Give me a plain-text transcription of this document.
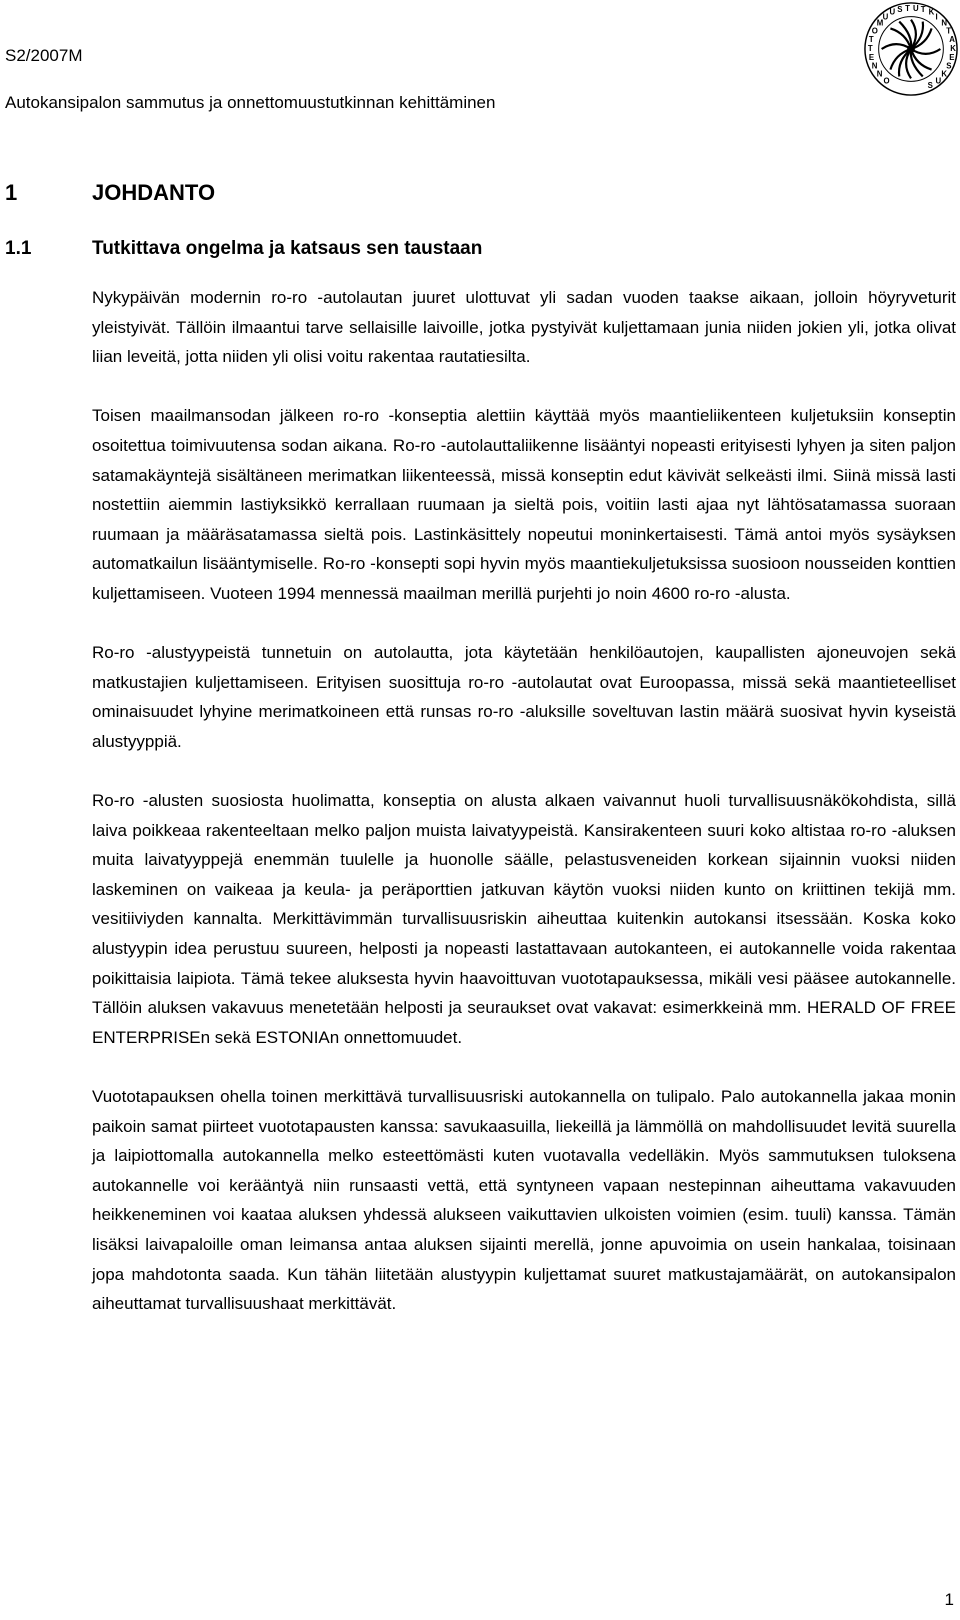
S2/2007M
Autokansipalon sammutus ja onnettomuustutkinnan kehittäminen
T U T K
I
N
T
A
K
E
S
K
U
S
S
U
U
M
O
T
T
E
N
N
O
1	JOHDANTO
1.1	Tutkittava ongelma ja katsaus sen taustaan

Nykypäivän modernin ro-ro -autolautan juuret ulottuvat yli sadan vuoden taakse aikaan, jolloin höyryveturit yleistyivät. Tällöin ilmaantui tarve sellaisille laivoille, jotka pystyivät kuljettamaan junia niiden jokien yli, jotka olivat liian leveitä, jotta niiden yli olisi voitu rakentaa rautatiesilta.

Toisen maailmansodan jälkeen ro-ro -konseptia alettiin käyttää myös maantieliikenteen kuljetuksiin konseptin osoitettua toimivuutensa sodan aikana. Ro-ro -autolauttaliikenne lisääntyi nopeasti erityisesti lyhyen ja siten paljon satamakäyntejä sisältäneen merimatkan liikenteessä, missä konseptin edut kävivät selkeästi ilmi. Siinä missä lasti nostettiin aiemmin lastiyksikkö kerrallaan ruumaan ja sieltä pois, voitiin lasti ajaa nyt lähtösatamassa suoraan ruumaan ja määräsatamassa sieltä pois. Lastinkäsittely nopeutui moninkertaisesti. Tämä antoi myös sysäyksen automatkailun lisääntymiselle. Ro-ro -konsepti sopi hyvin myös maantiekuljetuksissa suosioon nousseiden konttien kuljettamiseen. Vuoteen 1994 mennessä maailman merillä purjehti jo noin 4600 ro-ro -alusta.

Ro-ro -alustyypeistä tunnetuin on autolautta, jota käytetään henkilöautojen, kaupallisten ajoneuvojen sekä matkustajien kuljettamiseen. Erityisen suosittuja ro-ro -autolautat ovat Euroopassa, missä sekä maantieteelliset ominaisuudet lyhyine merimatkoineen että runsas ro-ro -aluksille soveltuvan lastin määrä suosivat hyvin kyseistä alustyyppiä.

Ro-ro -alusten suosiosta huolimatta, konseptia on alusta alkaen vaivannut huoli turvallisuusnäkökohdista, sillä laiva poikkeaa rakenteeltaan melko paljon muista laivatyypeistä. Kansirakenteen suuri koko altistaa ro-ro -aluksen muita laivatyyppejä enemmän tuulelle ja huonolle säälle, pelastusveneiden korkean sijainnin vuoksi niiden laskeminen on vaikeaa ja keula- ja peräporttien jatkuvan käytön vuoksi niiden kunto on kriittinen tekijä mm. vesitiiviyden kannalta. Merkittävimmän turvallisuusriskin aiheuttaa kuitenkin autokansi itsessään. Koska koko alustyypin idea perustuu suureen, helposti ja nopeasti lastattavaan autokanteen, ei autokannelle voida rakentaa poikittaisia laipiota. Tämä tekee aluksesta hyvin haavoittuvan vuototapauksessa, mikäli vesi pääsee autokannelle. Tällöin aluksen vakavuus menetetään helposti ja seuraukset ovat vakavat: esimerkkeinä mm. HERALD OF FREE ENTERPRISEn sekä ESTONIAn onnettomuudet.

Vuototapauksen ohella toinen merkittävä turvallisuusriski autokannella on tulipalo. Palo autokannella jakaa monin paikoin samat piirteet vuototapausten kanssa: savukaasuilla, liekeillä ja lämmöllä on mahdollisuudet levitä suurella ja laipiottomalla autokannella melko esteettömästi kuten vuotavalla vedelläkin. Myös sammutuksen tuloksena autokannelle voi kerääntyä niin runsaasti vettä, että syntyneen vapaan nestepinnan aiheuttama vakavuuden heikkeneminen voi kaataa aluksen yhdessä alukseen vaikuttavien ulkoisten voimien (esim. tuuli) kanssa. Tämän lisäksi laivapaloille oman leimansa antaa aluksen sijainti merellä, jonne apuvoimia on usein hankalaa, toisinaan jopa mahdotonta saada. Kun tähän liitetään alustyypin kuljettamat suuret matkustajamäärät, on autokansipalon aiheuttamat turvallisuushaat merkittävät.

1
